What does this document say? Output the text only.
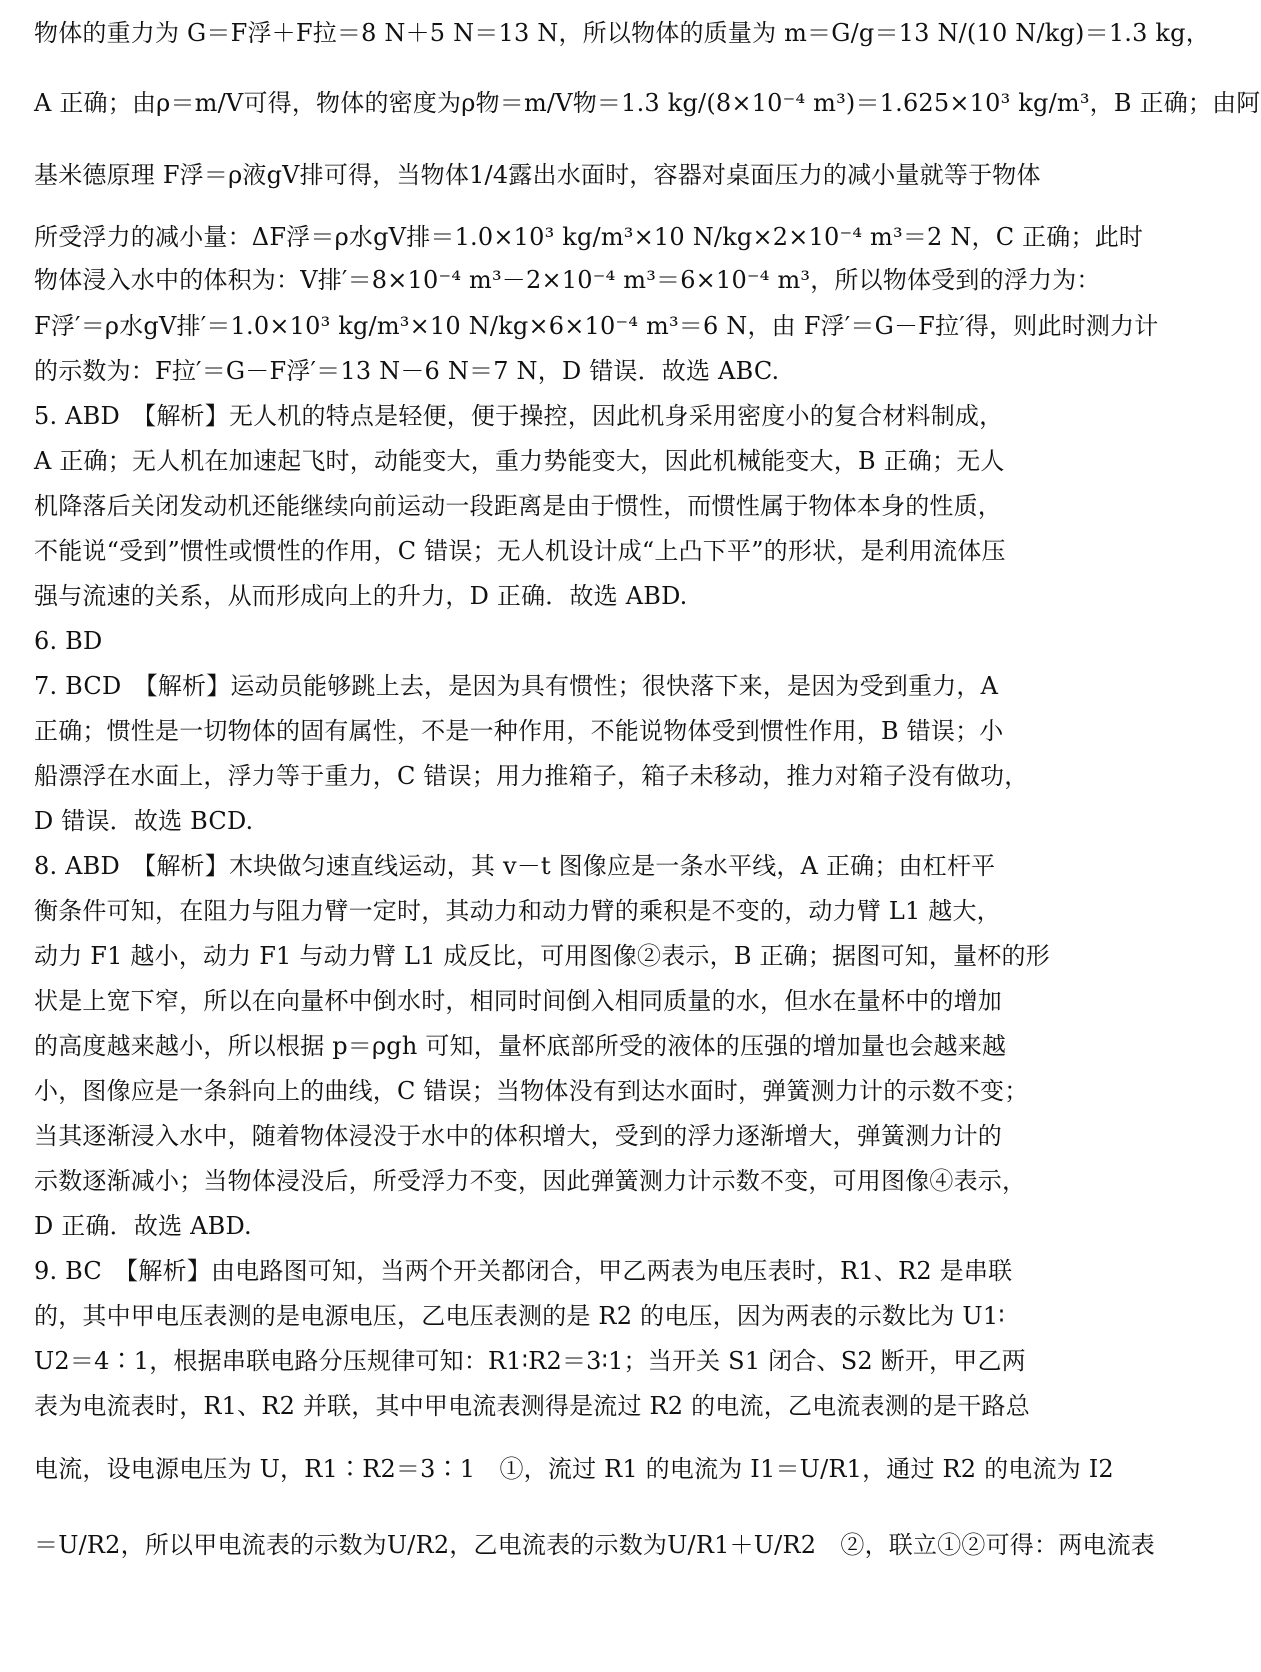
物体的重力为 G＝F浮＋F拉＝8 N＋5 N＝13 N，所以物体的质量为 m＝G/g＝13 N/(10 N/kg)＝1.3 kg，
A 正确；由ρ＝m/V可得，物体的密度为ρ物＝m/V物＝1.3 kg/(8×10⁻⁴ m³)＝1.625×10³ kg/m³，B 正确；由阿
基米德原理 F浮＝ρ液gV排可得，当物体1/4露出水面时，容器对桌面压力的减小量就等于物体
所受浮力的减小量：ΔF浮＝ρ水gV排＝1.0×10³ kg/m³×10 N/kg×2×10⁻⁴ m³＝2 N，C 正确；此时
物体浸入水中的体积为：V排′＝8×10⁻⁴ m³－2×10⁻⁴ m³＝6×10⁻⁴ m³，所以物体受到的浮力为：
F浮′＝ρ水gV排′＝1.0×10³ kg/m³×10 N/kg×6×10⁻⁴ m³＝6 N，由 F浮′＝G－F拉′得，则此时测力计
的示数为：F拉′＝G－F浮′＝13 N－6 N＝7 N，D 错误．故选 ABC.
5. ABD　【解析】无人机的特点是轻便，便于操控，因此机身采用密度小的复合材料制成，
A 正确；无人机在加速起飞时，动能变大，重力势能变大，因此机械能变大，B 正确；无人
机降落后关闭发动机还能继续向前运动一段距离是由于惯性，而惯性属于物体本身的性质，
不能说“受到”惯性或惯性的作用，C 错误；无人机设计成“上凸下平”的形状，是利用流体压
强与流速的关系，从而形成向上的升力，D 正确．故选 ABD.
6. BD
7. BCD　【解析】运动员能够跳上去，是因为具有惯性；很快落下来，是因为受到重力，A
正确；惯性是一切物体的固有属性，不是一种作用，不能说物体受到惯性作用，B 错误；小
船漂浮在水面上，浮力等于重力，C 错误；用力推箱子，箱子未移动，推力对箱子没有做功，
D 错误．故选 BCD.
8. ABD　【解析】木块做匀速直线运动，其 v－t 图像应是一条水平线，A 正确；由杠杆平
衡条件可知，在阻力与阻力臂一定时，其动力和动力臂的乘积是不变的，动力臂 L1 越大，
动力 F1 越小，动力 F1 与动力臂 L1 成反比，可用图像②表示，B 正确；据图可知，量杯的形
状是上宽下窄，所以在向量杯中倒水时，相同时间倒入相同质量的水，但水在量杯中的增加
的高度越来越小，所以根据 p＝ρgh 可知，量杯底部所受的液体的压强的增加量也会越来越
小，图像应是一条斜向上的曲线，C 错误；当物体没有到达水面时，弹簧测力计的示数不变；
当其逐渐浸入水中，随着物体浸没于水中的体积增大，受到的浮力逐渐增大，弹簧测力计的
示数逐渐减小；当物体浸没后，所受浮力不变，因此弹簧测力计示数不变，可用图像④表示，
D 正确．故选 ABD.
9. BC　【解析】由电路图可知，当两个开关都闭合，甲乙两表为电压表时，R1、R2 是串联
的，其中甲电压表测的是电源电压，乙电压表测的是 R2 的电压，因为两表的示数比为 U1∶
U2＝4∶1，根据串联电路分压规律可知：R1∶R2＝3∶1；当开关 S1 闭合、S2 断开，甲乙两
表为电流表时，R1、R2 并联，其中甲电流表测得是流过 R2 的电流，乙电流表测的是干路总
电流，设电源电压为 U，R1∶R2＝3∶1　①，流过 R1 的电流为 I1＝U/R1，通过 R2 的电流为 I2
＝U/R2，所以甲电流表的示数为U/R2，乙电流表的示数为U/R1＋U/R2　②，联立①②可得：两电流表
